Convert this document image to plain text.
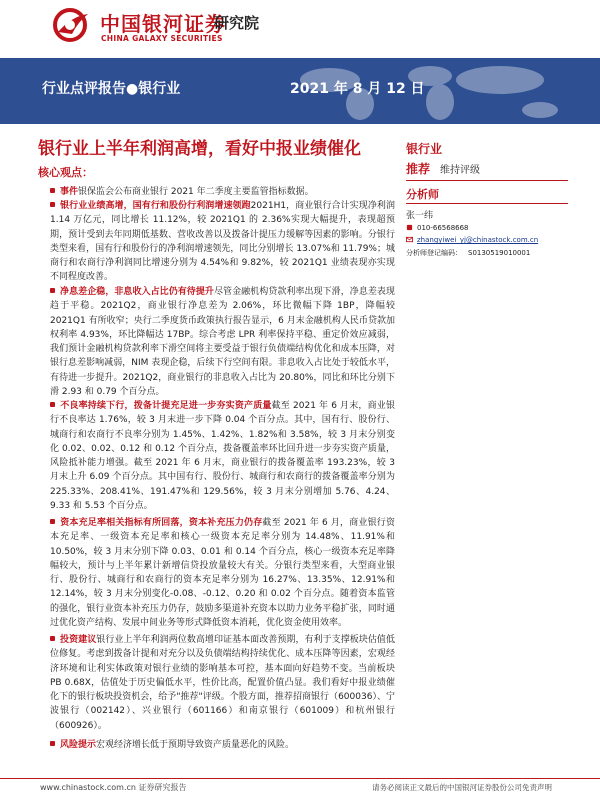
中国银河证券
CHINA GALAXY SECURITIES
研究院
行业点评报告●银行业	2021 年 8 月 12 日
银行业上半年利润高增，看好中报业绩催化
核心观点：
事件银保监会公布商业银行 2021 年二季度主要监管指标数据。
银行业业绩高增，国有行和股份行利润增速领跑2021H1，商业银行合计实现净利润 1.14 万亿元，同比增长 11.12%，较 2021Q1 的 2.36%实现大幅提升，表现超预期，预计受到去年同期低基数、营收改善以及拨备计提压力缓解等因素的影响。分银行类型来看，国有行和股份行的净利润增速领先，同比分别增长 13.07%和 11.79%；城商行和农商行净利润同比增速分别为 4.54%和 9.82%，较 2021Q1 业绩表现亦实现不同程度改善。
净息差企稳，非息收入占比仍有待提升尽管金融机构贷款利率出现下滑，净息差表现趋于平稳。2021Q2，商业银行净息差为 2.06%，环比微幅下降 1BP，降幅较 2021Q1 有所收窄；央行二季度货币政策执行报告显示，6 月末金融机构人民币贷款加权利率 4.93%，环比降幅达 17BP。综合考虑 LPR 利率保持平稳、重定价效应减弱，我们预计金融机构贷款利率下滑空间将主要受益于银行负债端结构优化和成本压降，对银行息差影响减弱，NIM 表现企稳，后续下行空间有限。非息收入占比处于较低水平，有待进一步提升。2021Q2，商业银行的非息收入占比为 20.80%，同比和环比分别下滑 2.93 和 0.79 个百分点。
不良率持续下行，拨备计提充足进一步夯实资产质量截至 2021 年 6 月末，商业银行不良率达 1.76%，较 3 月末进一步下降 0.04 个百分点。其中，国有行、股份行、城商行和农商行不良率分别为 1.45%、1.42%、1.82%和 3.58%，较 3 月末分别变化 0.02、0.02、0.12 和 0.12 个百分点，拨备覆盖率环比回升进一步夯实资产质量，风险抵补能力增强。截至 2021 年 6 月末，商业银行的拨备覆盖率 193.23%，较 3 月末上升 6.09 个百分点。其中国有行、股份行、城商行和农商行的拨备覆盖率分别为 225.33%、208.41%、191.47%和 129.56%，较 3 月末分别增加 5.76、4.24、9.33 和 5.53 个百分点。
资本充足率相关指标有所回落，资本补充压力仍存截至 2021 年 6 月，商业银行资本充足率、一级资本充足率和核心一级资本充足率分别为 14.48%、11.91%和 10.50%，较 3 月末分别下降 0.03、0.01 和 0.14 个百分点，核心一级资本充足率降幅较大，预计与上半年累计新增信贷投放量较大有关。分银行类型来看，大型商业银行、股份行、城商行和农商行的资本充足率分别为 16.27%、13.35%、12.91%和 12.14%，较 3 月末分别变化-0.08、-0.12、0.20 和 0.02 个百分点。随着资本监管的强化，银行业资本补充压力仍存，鼓励多渠道补充资本以助力业务平稳扩张，同时通过优化资产结构、发展中间业务等形式降低资本消耗，优化资金使用效率。
投资建议银行业上半年利润两位数高增印证基本面改善预期，有利于支撑板块估值低位修复。考虑到拨备计提和对充分以及负债端结构持续优化、成本压降等因素，宏观经济环境和让利实体政策对银行业绩的影响基本可控，基本面向好趋势不变。当前板块 PB 0.68X，估值处于历史偏低水平，性价比高，配置价值凸显。我们看好中报业绩催化下的银行板块投资机会，给予"推荐"评级。个股方面，推荐招商银行（600036）、宁波银行（002142）、兴业银行（601166）和南京银行（601009）和杭州银行（600926）。
风险提示宏观经济增长低于预期导致资产质量恶化的风险。
银行业
推荐 维持评级
分析师
张一纬
010-66568668
zhangyiwei_yj@chinastock.com.cn
分析师登记编码： S0130519010001
www.chinastock.com.cn 证券研究报告	请务必阅读正文最后的中国银河证券股份公司免责声明
